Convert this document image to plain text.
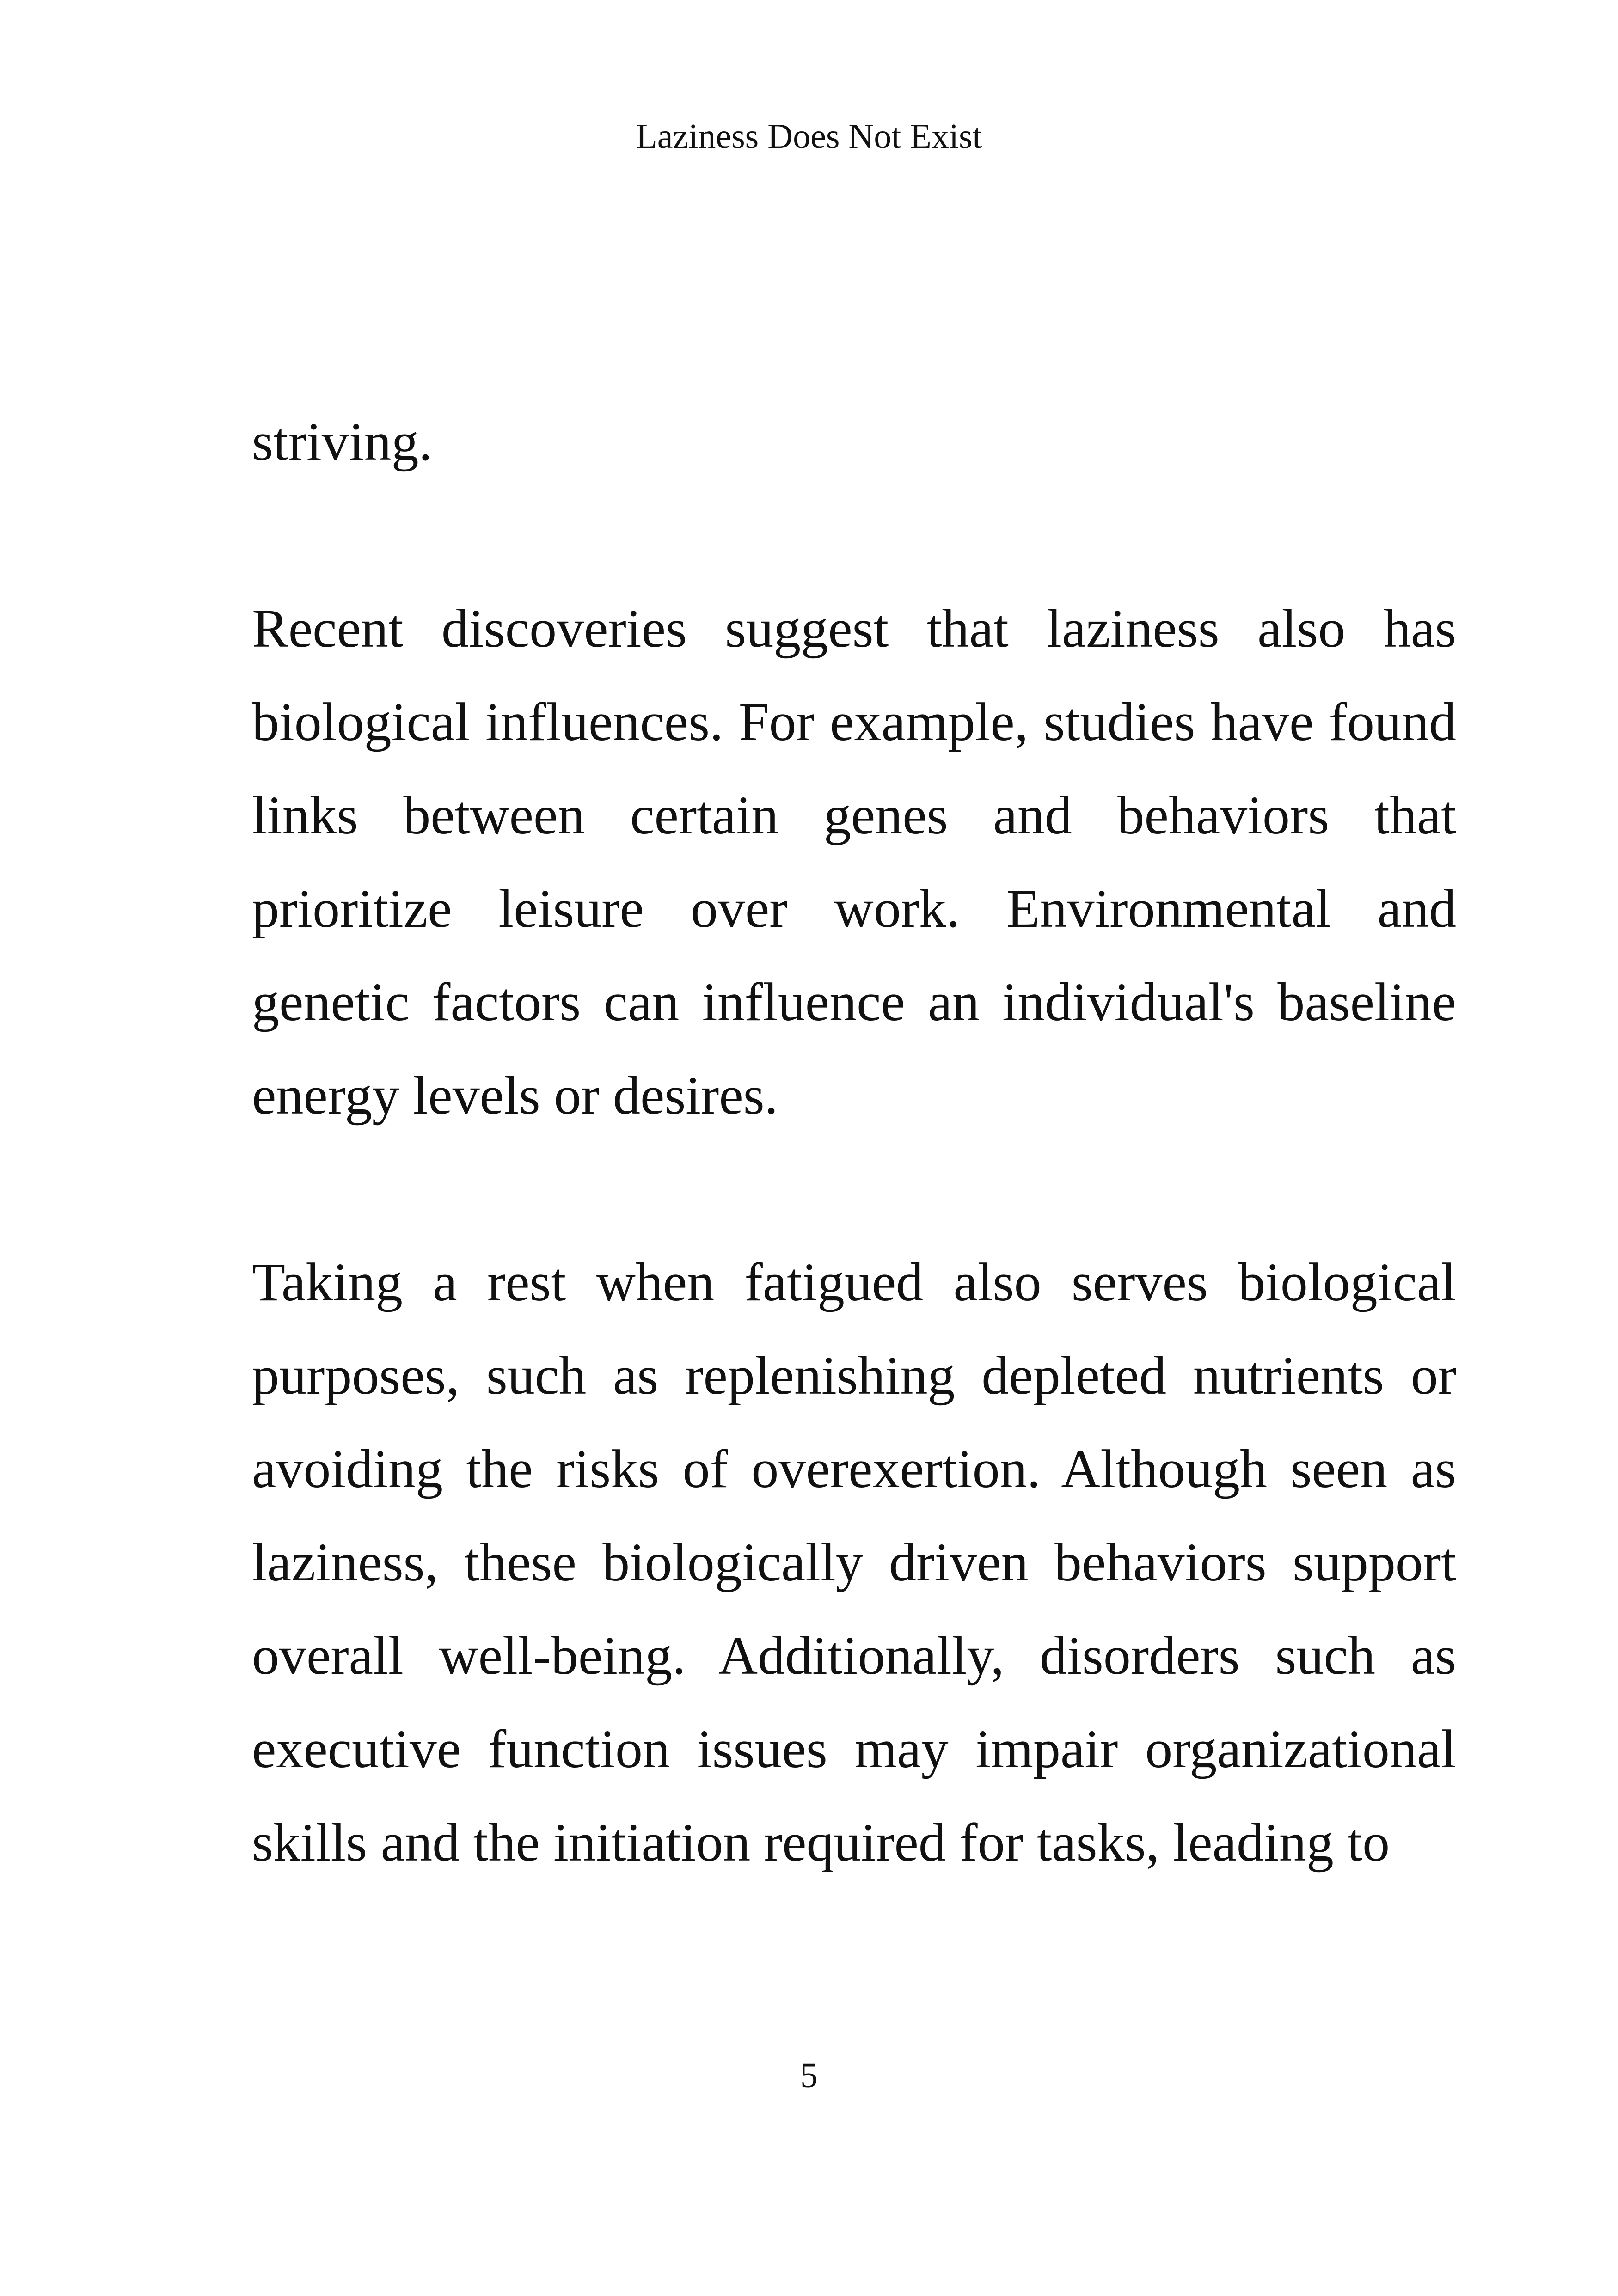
Laziness Does Not Exist

striving.

Recent discoveries suggest that laziness also has biological influences. For example, studies have found links between certain genes and behaviors that prioritize leisure over work. Environmental and genetic factors can influence an individual's baseline energy levels or desires.

Taking a rest when fatigued also serves biological purposes, such as replenishing depleted nutrients or avoiding the risks of overexertion. Although seen as laziness, these biologically driven behaviors support overall well-being. Additionally, disorders such as executive function issues may impair organizational skills and the initiation required for tasks, leading to

5
